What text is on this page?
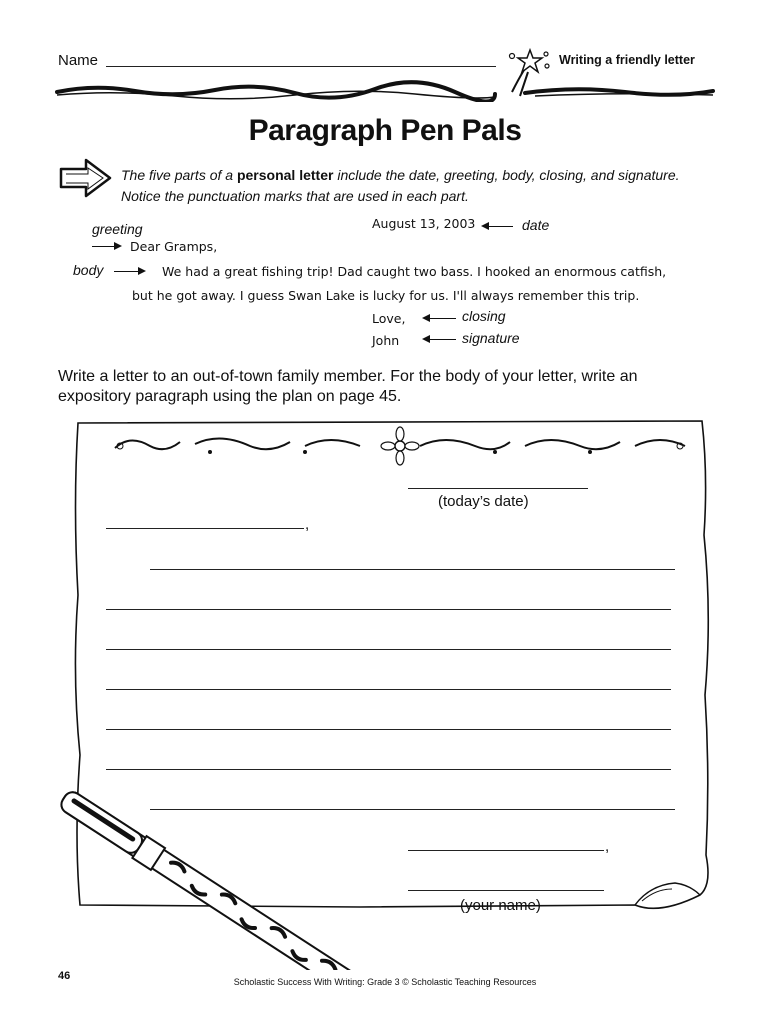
Name	Writing a friendly letter
Paragraph Pen Pals
The five parts of a personal letter include the date, greeting, body, closing, and signature. Notice the punctuation marks that are used in each part.
August 13, 2003	date
greeting
Dear Gramps,
body	We had a great fishing trip! Dad caught two bass. I hooked an enormous catfish,
but he got away. I guess Swan Lake is lucky for us. I'll always remember this trip.
Love,	closing
John	signature
Write a letter to an out-of-town family member. For the body of your letter, write an expository paragraph using the plan on page 45.
(today’s date)
,
,
(your name)
46	Scholastic Success With Writing: Grade 3 © Scholastic Teaching Resources
